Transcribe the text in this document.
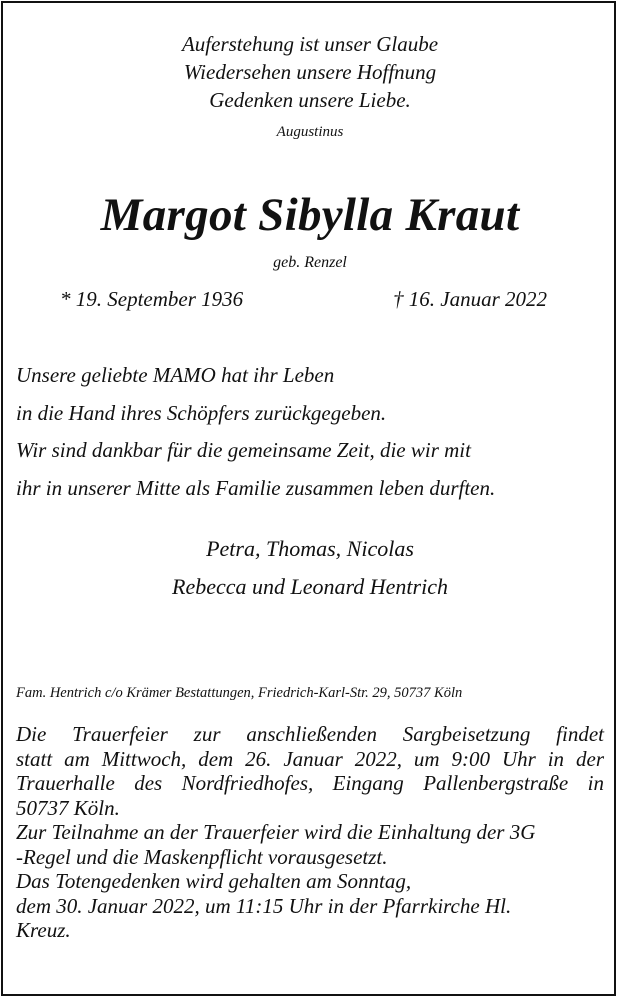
Auferstehung ist unser Glaube
Wiedersehen unsere Hoffnung
Gedenken unsere Liebe.
Augustinus
Margot Sibylla Kraut
geb. Renzel
* 19. September 1936	† 16. Januar 2022
Unsere geliebte MAMO hat ihr Leben
in die Hand ihres Schöpfers zurückgegeben.
Wir sind dankbar für die gemeinsame Zeit, die wir mit
ihr in unserer Mitte als Familie zusammen leben durften.
Petra, Thomas, Nicolas
Rebecca und Leonard Hentrich
Fam. Hentrich c/o Krämer Bestattungen, Friedrich-Karl-Str. 29, 50737 Köln
Die Trauerfeier zur anschließenden Sargbeisetzung findet
statt am Mittwoch, dem 26. Januar 2022, um 9:00 Uhr in der
Trauerhalle des Nordfriedhofes, Eingang Pallenbergstraße in
50737 Köln.
Zur Teilnahme an der Trauerfeier wird die Einhaltung der 3G
-Regel und die Maskenpflicht vorausgesetzt.
Das Totengedenken wird gehalten am Sonntag,
dem 30. Januar 2022, um 11:15 Uhr in der Pfarrkirche Hl.
Kreuz.
